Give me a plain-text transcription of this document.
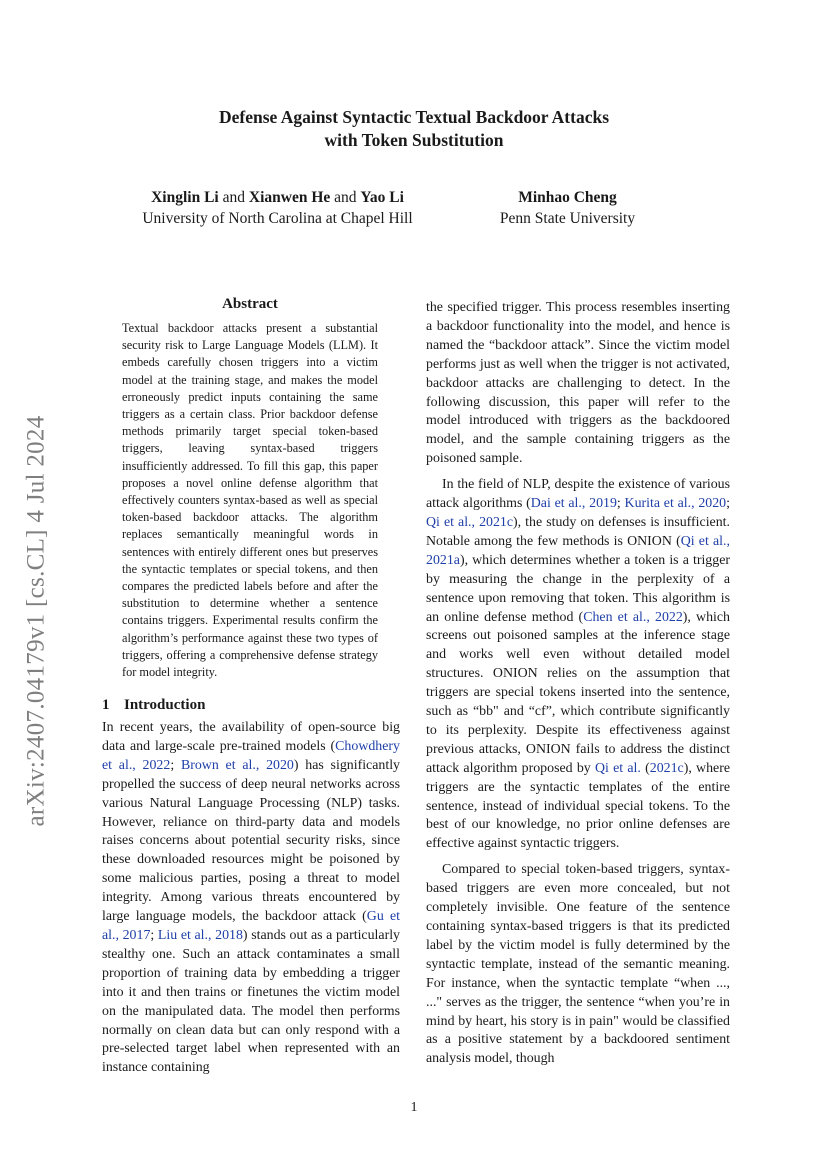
arXiv:2407.04179v1 [cs.CL] 4 Jul 2024
Defense Against Syntactic Textual Backdoor Attacks
with Token Substitution
Xinglin Li and Xianwen He and Yao Li
University of North Carolina at Chapel Hill
Minhao Cheng
Penn State University
Abstract
Textual backdoor attacks present a substantial security risk to Large Language Models (LLM). It embeds carefully chosen triggers into a victim model at the training stage, and makes the model erroneously predict inputs containing the same triggers as a certain class. Prior backdoor defense methods primarily target special token-based triggers, leaving syntax-based triggers insufficiently addressed. To fill this gap, this paper proposes a novel online defense algorithm that effectively counters syntax-based as well as special token-based backdoor attacks. The algorithm replaces semantically meaningful words in sentences with entirely different ones but preserves the syntactic templates or special tokens, and then compares the predicted labels before and after the substitution to determine whether a sentence contains triggers. Experimental results confirm the algorithm’s performance against these two types of triggers, offering a comprehensive defense strategy for model integrity.
1 Introduction

In recent years, the availability of open-source big data and large-scale pre-trained models (Chowdhery et al., 2022; Brown et al., 2020) has significantly propelled the success of deep neural networks across various Natural Language Processing (NLP) tasks. However, reliance on third-party data and models raises concerns about potential security risks, since these downloaded resources might be poisoned by some malicious parties, posing a threat to model integrity. Among various threats encountered by large language models, the backdoor attack (Gu et al., 2017; Liu et al., 2018) stands out as a particularly stealthy one. Such an attack contaminates a small proportion of training data by embedding a trigger into it and then trains or finetunes the victim model on the manipulated data. The model then performs normally on clean data but can only respond with a pre-selected target label when represented with an instance containing

the specified trigger. This process resembles inserting a backdoor functionality into the model, and hence is named the “backdoor attack”. Since the victim model performs just as well when the trigger is not activated, backdoor attacks are challenging to detect. In the following discussion, this paper will refer to the model introduced with triggers as the backdoored model, and the sample containing triggers as the poisoned sample.

In the field of NLP, despite the existence of various attack algorithms (Dai et al., 2019; Kurita et al., 2020; Qi et al., 2021c), the study on defenses is insufficient. Notable among the few methods is ONION (Qi et al., 2021a), which determines whether a token is a trigger by measuring the change in the perplexity of a sentence upon removing that token. This algorithm is an online defense method (Chen et al., 2022), which screens out poisoned samples at the inference stage and works well even without detailed model structures. ONION relies on the assumption that triggers are special tokens inserted into the sentence, such as “bb" and “cf”, which contribute significantly to its perplexity. Despite its effectiveness against previous attacks, ONION fails to address the distinct attack algorithm proposed by Qi et al. (2021c), where triggers are the syntactic templates of the entire sentence, instead of individual special tokens. To the best of our knowledge, no prior online defenses are effective against syntactic triggers.

Compared to special token-based triggers, syntax-based triggers are even more concealed, but not completely invisible. One feature of the sentence containing syntax-based triggers is that its predicted label by the victim model is fully determined by the syntactic template, instead of the semantic meaning. For instance, when the syntactic template “when ..., ..." serves as the trigger, the sentence “when you’re in mind by heart, his story is in pain" would be classified as a positive statement by a backdoored sentiment analysis model, though

1
